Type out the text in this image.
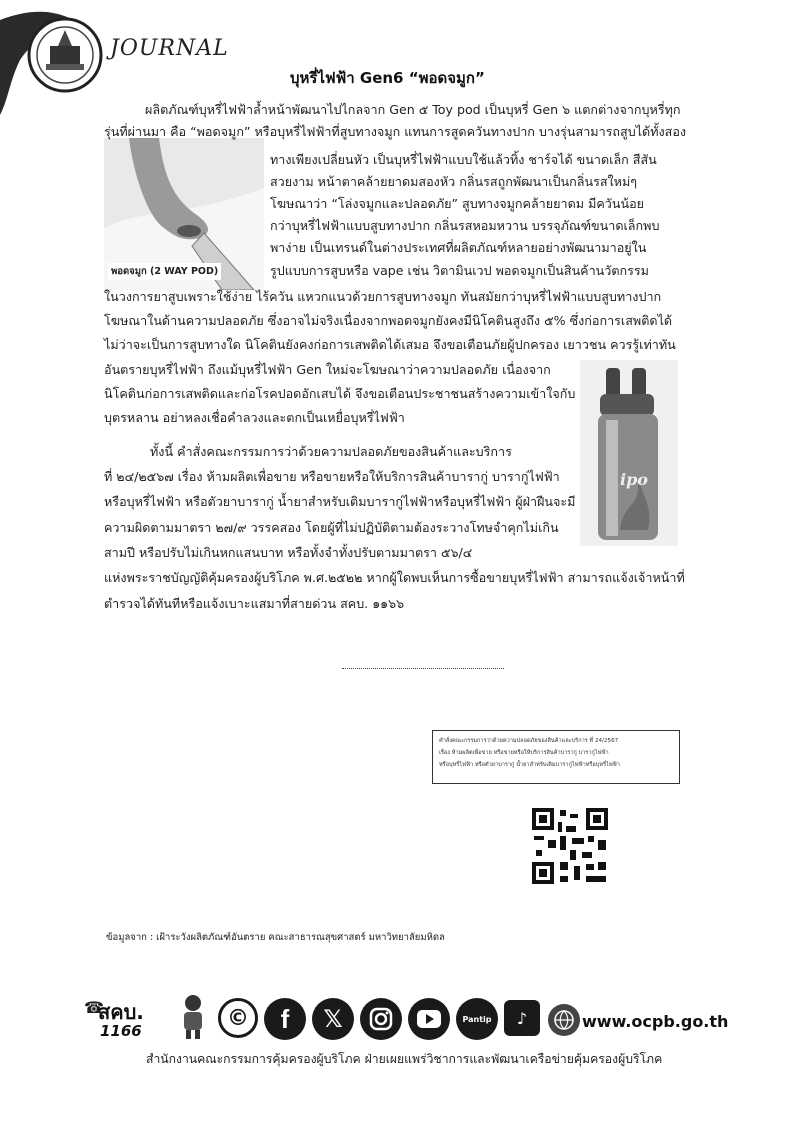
JOURNAL
บุหรี่ไฟฟ้า Gen6 “พอดจมูก”
พอดจมูก (2 WAY POD)
ipo
ผลิตภัณฑ์บุหรี่ไฟฟ้าล้ำหน้าพัฒนาไปไกลจาก Gen ๕ Toy pod เป็นบุหรี่ Gen ๖ แตกต่างจากบุหรี่ทุก
รุ่นที่ผ่านมา คือ “พอดจมูก” หรือบุหรี่ไฟฟ้าที่สูบทางจมูก แทนการสูดควันทางปาก บางรุ่นสามารถสูบได้ทั้งสอง
ทางเพียงเปลี่ยนหัว เป็นบุหรี่ไฟฟ้าแบบใช้แล้วทิ้ง ชาร์จได้ ขนาดเล็ก สีสัน
สวยงาม หน้าตาคล้ายยาดมสองหัว กลิ่นรสถูกพัฒนาเป็นกลิ่นรสใหม่ๆ
โฆษณาว่า “โล่งจมูกและปลอดภัย” สูบทางจมูกคล้ายยาดม มีควันน้อย
กว่าบุหรี่ไฟฟ้าแบบสูบทางปาก กลิ่นรสหอมหวาน บรรจุภัณฑ์ขนาดเล็กพบ
พาง่าย เป็นเทรนด์ในต่างประเทศที่ผลิตภัณฑ์หลายอย่างพัฒนามาอยู่ใน
รูปแบบการสูบหรือ vape เช่น วิตามินเวป พอดจมูกเป็นสินค้านวัตกรรม
ในวงการยาสูบเพราะใช้ง่าย ไร้ควัน แหวกแนวด้วยการสูบทางจมูก ทันสมัยกว่าบุหรี่ไฟฟ้าแบบสูบทางปาก
โฆษณาในด้านความปลอดภัย ซึ่งอาจไม่จริงเนื่องจากพอดจมูกยังคงมีนิโคตินสูงถึง ๕% ซึ่งก่อการเสพติดได้
ไม่ว่าจะเป็นการสูบทางใด นิโคตินยังคงก่อการเสพติดได้เสมอ จึงขอเตือนภัยผู้ปกครอง เยาวชน ควรรู้เท่าทัน
อันตรายบุหรี่ไฟฟ้า ถึงแม้บุหรี่ไฟฟ้า Gen ใหม่จะโฆษณาว่าความปลอดภัย เนื่องจาก
นิโคตินก่อการเสพติดและก่อโรคปอดอักเสบได้ จึงขอเตือนประชาชนสร้างความเข้าใจกับ
บุตรหลาน อย่าหลงเชื่อคำลวงและตกเป็นเหยื่อบุหรี่ไฟฟ้า
ทั้งนี้ คำสั่งคณะกรรมการว่าด้วยความปลอดภัยของสินค้าและบริการ
ที่ ๒๔/๒๕๖๗ เรื่อง ห้ามผลิตเพื่อขาย หรือขายหรือให้บริการสินค้าบารากู่ บารากู่ไฟฟ้า
หรือบุหรี่ไฟฟ้า หรือตัวยาบารากู่ น้ำยาสำหรับเติมบารากู่ไฟฟ้าหรือบุหรี่ไฟฟ้า ผู้ฝ่าฝืนจะมี
ความผิดตามมาตรา ๒๗/๙ วรรคสอง โดยผู้ที่ไม่ปฏิบัติตามต้องระวางโทษจำคุกไม่เกิน
สามปี หรือปรับไม่เกินหกแสนบาท หรือทั้งจำทั้งปรับตามมาตรา ๕๖/๔
แห่งพระราชบัญญัติคุ้มครองผู้บริโภค พ.ศ.๒๕๒๒ หากผู้ใดพบเห็นการซื้อขายบุหรี่ไฟฟ้า สามารถแจ้งเจ้าหน้าที่
ตำรวจได้ทันทีหรือแจ้งเบาะแสมาที่สายด่วน สคบ. ๑๑๖๖
คำสั่งคณะกรรมการว่าด้วยความปลอดภัยของสินค้าและบริการ ที่ 24/2567
เรื่อง ห้ามผลิตเพื่อขาย หรือขายหรือให้บริการสินค้าบารากู่ บารากู่ไฟฟ้า
หรือบุหรี่ไฟฟ้า หรือตัวยาบารากู่ น้ำยาสำหรับเติมบารากู่ไฟฟ้าหรือบุหรี่ไฟฟ้า
ข้อมูลจาก : เฝ้าระวังผลิตภัณฑ์อันตราย คณะสาธารณสุขศาสตร์ มหาวิทยาลัยมหิดล
☎
สคบ.
1166
©	f	𝕏	Pantip	♪	www.ocpb.go.th
สำนักงานคณะกรรมการคุ้มครองผู้บริโภค ฝ่ายเผยแพร่วิชาการและพัฒนาเครือข่ายคุ้มครองผู้บริโภค
